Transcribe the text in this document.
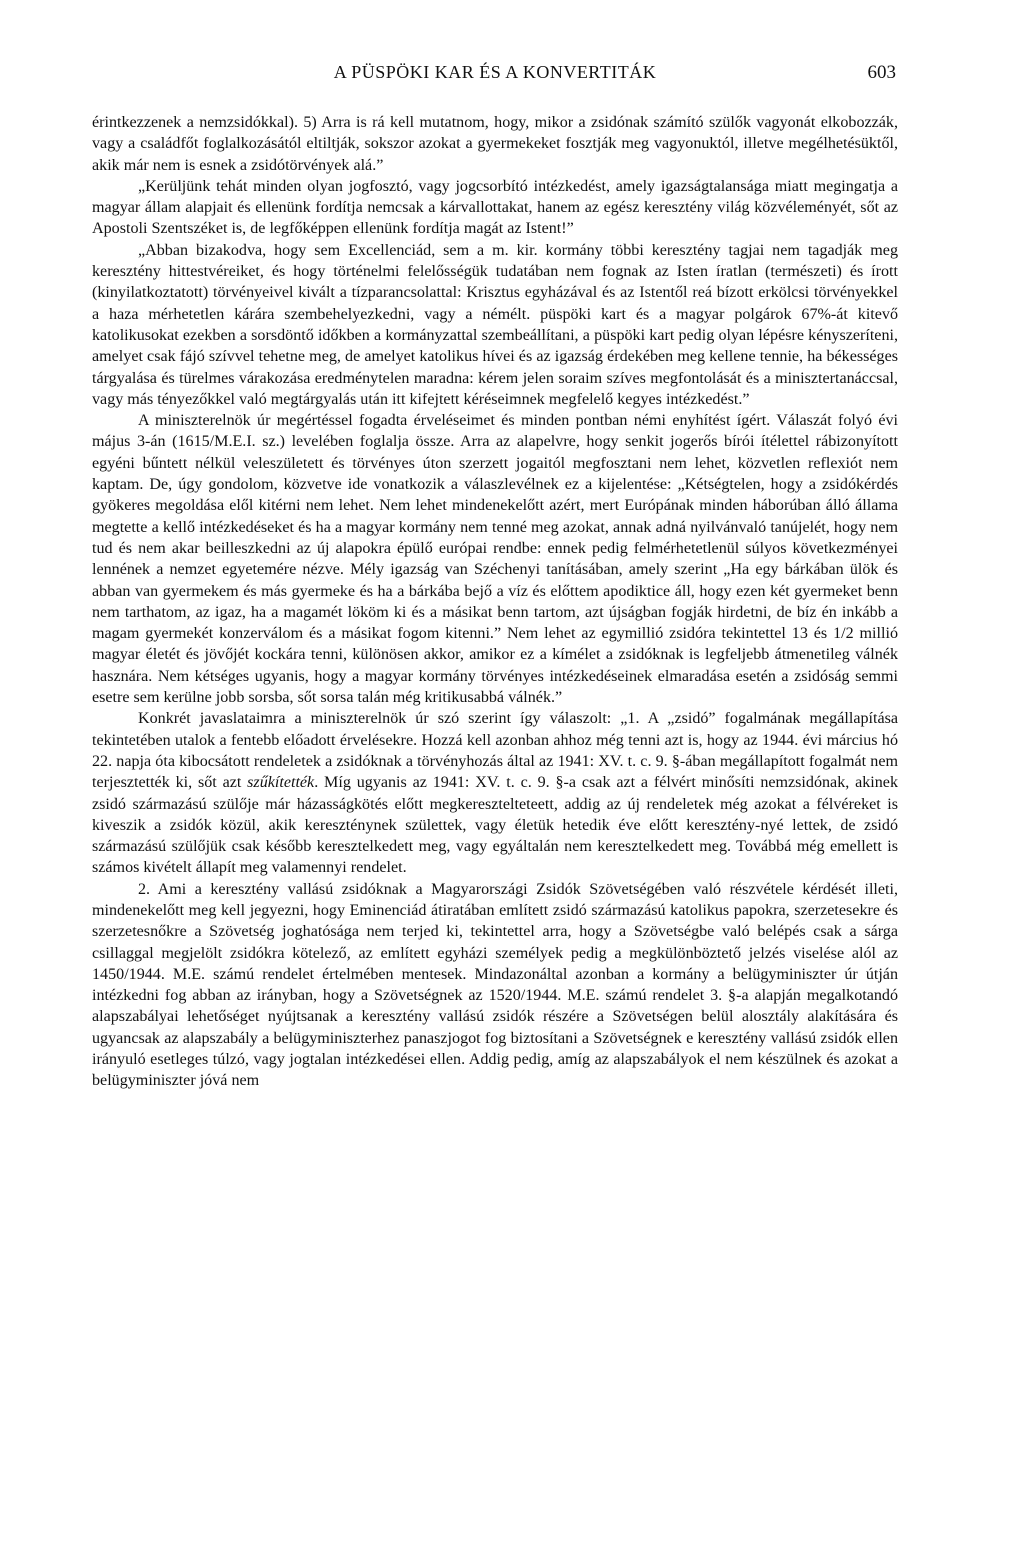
A PÜSPÖKI KAR ÉS A KONVERTITÁK	603

érintkezzenek a nemzsidókkal). 5) Arra is rá kell mutatnom, hogy, mikor a zsidónak számító szülők vagyonát elkobozzák, vagy a családfőt foglalkozásától eltiltják, sokszor azokat a gyermekeket fosztják meg vagyonuktól, illetve megélhetésüktől, akik már nem is esnek a zsidótörvények alá.”

„Kerüljünk tehát minden olyan jogfosztó, vagy jogcsorbító intézkedést, amely igazságtalansága miatt megingatja a magyar állam alapjait és ellenünk fordítja nemcsak a kárvallottakat, hanem az egész keresztény világ közvéleményét, sőt az Apostoli Szentszéket is, de legfőképpen ellenünk fordítja magát az Istent!”

„Abban bizakodva, hogy sem Excellenciád, sem a m. kir. kormány többi keresztény tagjai nem tagadják meg keresztény hittestvéreiket, és hogy történelmi felelősségük tudatában nem fognak az Isten íratlan (természeti) és írott (kinyilatkoztatott) törvényeivel kivált a tízparancsolattal: Krisztus egyházával és az Istentől reá bízott erkölcsi törvényekkel a haza mérhetetlen kárára szembehelyezkedni, vagy a némélt. püspöki kart és a magyar polgárok 67%-át kitevő katolikusokat ezekben a sorsdöntő időkben a kormányzattal szembeállítani, a püspöki kart pedig olyan lépésre kényszeríteni, amelyet csak fájó szívvel tehetne meg, de amelyet katolikus hívei és az igazság érdekében meg kellene tennie, ha békességes tárgyalása és türelmes várakozása eredménytelen maradna: kérem jelen soraim szíves megfontolását és a minisztertanáccsal, vagy más tényezőkkel való megtárgyalás után itt kifejtett kéréseimnek megfelelő kegyes intézkedést.”

A miniszterelnök úr megértéssel fogadta érveléseimet és minden pontban némi enyhítést ígért. Válaszát folyó évi május 3-án (1615/M.E.I. sz.) levelében foglalja össze. Arra az alapelvre, hogy senkit jogerős bírói ítélettel rábizonyított egyéni bűntett nélkül veleszületett és törvényes úton szerzett jogaitól megfosztani nem lehet, közvetlen reflexiót nem kaptam. De, úgy gondolom, közvetve ide vonatkozik a válaszlevélnek ez a kijelentése: „Kétségtelen, hogy a zsidókérdés gyökeres megoldása elől kitérni nem lehet. Nem lehet mindenekelőtt azért, mert Európának minden háborúban álló állama megtette a kellő intézkedéseket és ha a magyar kormány nem tenné meg azokat, annak adná nyilvánvaló tanújelét, hogy nem tud és nem akar beilleszkedni az új alapokra épülő európai rendbe: ennek pedig felmérhetetlenül súlyos következményei lennének a nemzet egyetemére nézve. Mély igazság van Széchenyi tanításában, amely szerint „Ha egy bárkában ülök és abban van gyermekem és más gyermeke és ha a bárkába bejő a víz és előttem apodiktice áll, hogy ezen két gyermeket benn nem tarthatom, az igaz, ha a magamét lököm ki és a másikat benn tartom, azt újságban fogják hirdetni, de bíz én inkább a magam gyermekét konzerválom és a másikat fogom kitenni.” Nem lehet az egymillió zsidóra tekintettel 13 és 1/2 millió magyar életét és jövőjét kockára tenni, különösen akkor, amikor ez a kímélet a zsidóknak is legfeljebb átmenetileg válnék hasznára. Nem kétséges ugyanis, hogy a magyar kormány törvényes intézkedéseinek elmaradása esetén a zsidóság semmi esetre sem kerülne jobb sorsba, sőt sorsa talán még kritikusabbá válnék.”

Konkrét javaslataimra a miniszterelnök úr szó szerint így válaszolt: „1. A „zsidó” fogalmának megállapítása tekintetében utalok a fentebb előadott érvelésekre. Hozzá kell azonban ahhoz még tenni azt is, hogy az 1944. évi március hó 22. napja óta kibocsátott rendeletek a zsidóknak a törvényhozás által az 1941: XV. t. c. 9. §-ában megállapított fogalmát nem terjesztették ki, sőt azt szűkítették. Míg ugyanis az 1941: XV. t. c. 9. §-a csak azt a félvért minősíti nemzsidónak, akinek zsidó származású szülője már házasságkötés előtt megkeresztelteteett, addig az új rendeletek még azokat a félvéreket is kiveszik a zsidók közül, akik kereszténynek születtek, vagy életük hetedik éve előtt keresztény-nyé lettek, de zsidó származású szülőjük csak később keresztelkedett meg, vagy egyáltalán nem keresztelkedett meg. Továbbá még emellett is számos kivételt állapít meg valamennyi rendelet.

2. Ami a keresztény vallású zsidóknak a Magyarországi Zsidók Szövetségében való részvétele kérdését illeti, mindenekelőtt meg kell jegyezni, hogy Eminenciád átiratában említett zsidó származású katolikus papokra, szerzetesekre és szerzetesnőkre a Szövetség joghatósága nem terjed ki, tekintettel arra, hogy a Szövetségbe való belépés csak a sárga csillaggal megjelölt zsidókra kötelező, az említett egyházi személyek pedig a megkülönböztető jelzés viselése alól az 1450/1944. M.E. számú rendelet értelmében mentesek. Mindazonáltal azonban a kormány a belügyminiszter úr útján intézkedni fog abban az irányban, hogy a Szövetségnek az 1520/1944. M.E. számú rendelet 3. §-a alapján megalkotandó alapszabályai lehetőséget nyújtsanak a keresztény vallású zsidók részére a Szövetségen belül alosztály alakítására és ugyancsak az alapszabály a belügyminiszterhez panaszjogot fog biztosítani a Szövetségnek e keresztény vallású zsidók ellen irányuló esetleges túlzó, vagy jogtalan intézkedései ellen. Addig pedig, amíg az alapszabályok el nem készülnek és azokat a belügyminiszter jóvá nem
